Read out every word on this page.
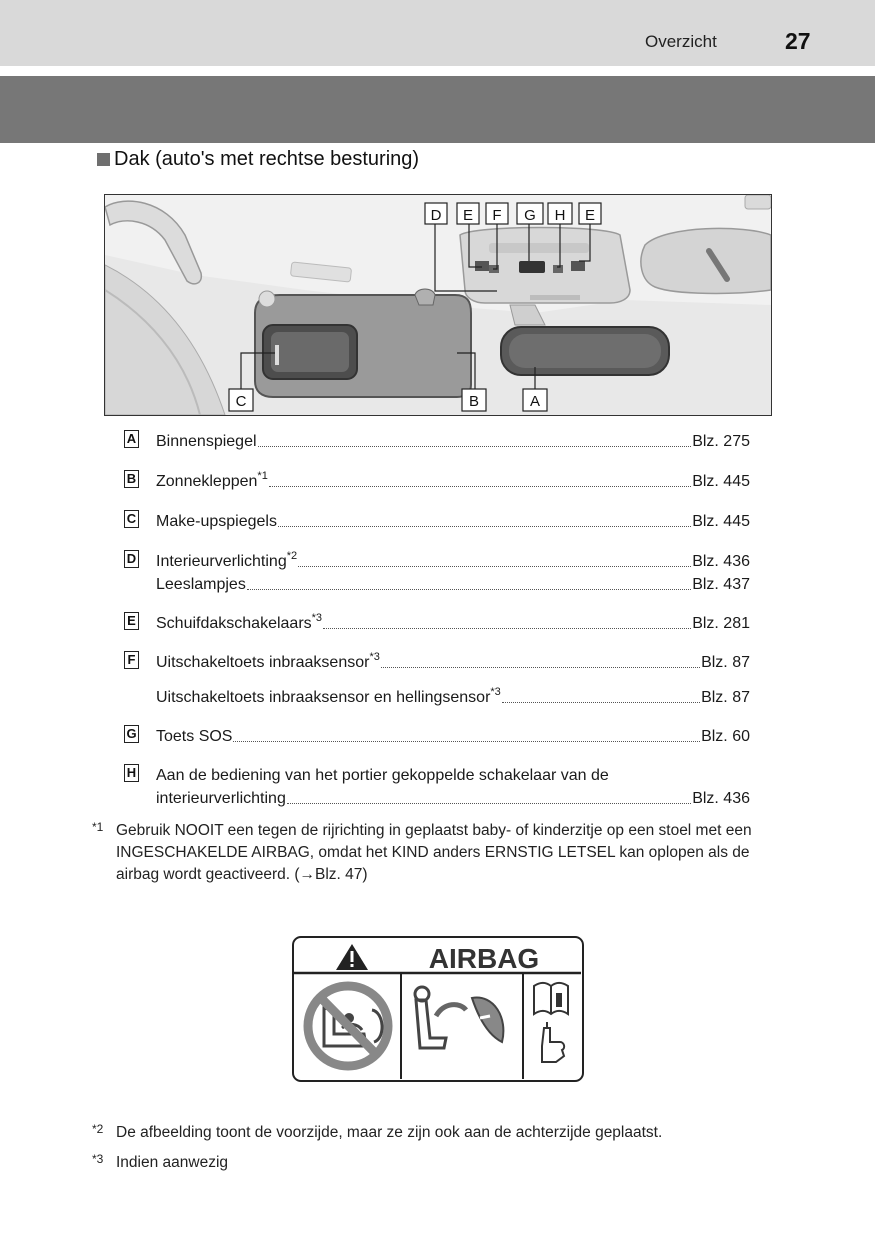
Overzicht	27
Dak (auto's met rechtse besturing)
D E F G H E
C	B	A
A Binnenspiegel	Blz. 275
B Zonnekleppen$^{*1}$	Blz. 445
C Make-upspiegels	Blz. 445
D Interieurverlichting$^{*2}$	Blz. 436
Leeslampjes	Blz. 437
E Schuifdakschakelaars$^{*3}$	Blz. 281
F Uitschakeltoets inbraaksensor$^{*3}$	Blz. 87
Uitschakeltoets inbraaksensor en hellingsensor$^{*3}$	Blz. 87
G Toets SOS	Blz. 60
H Aan de bediening van het portier gekoppelde schakelaar van de
interieurverlichting	Blz. 436
*1 Gebruik NOOIT een tegen de rijrichting in geplaatst baby- of kinderzitje op een stoel met een INGESCHAKELDE AIRBAG, omdat het KIND anders ERNSTIG LETSEL kan oplopen als de airbag wordt geactiveerd. (→Blz. 47)
AIRBAG
*2 De afbeelding toont de voorzijde, maar ze zijn ook aan de achterzijde geplaatst.
*3 Indien aanwezig
